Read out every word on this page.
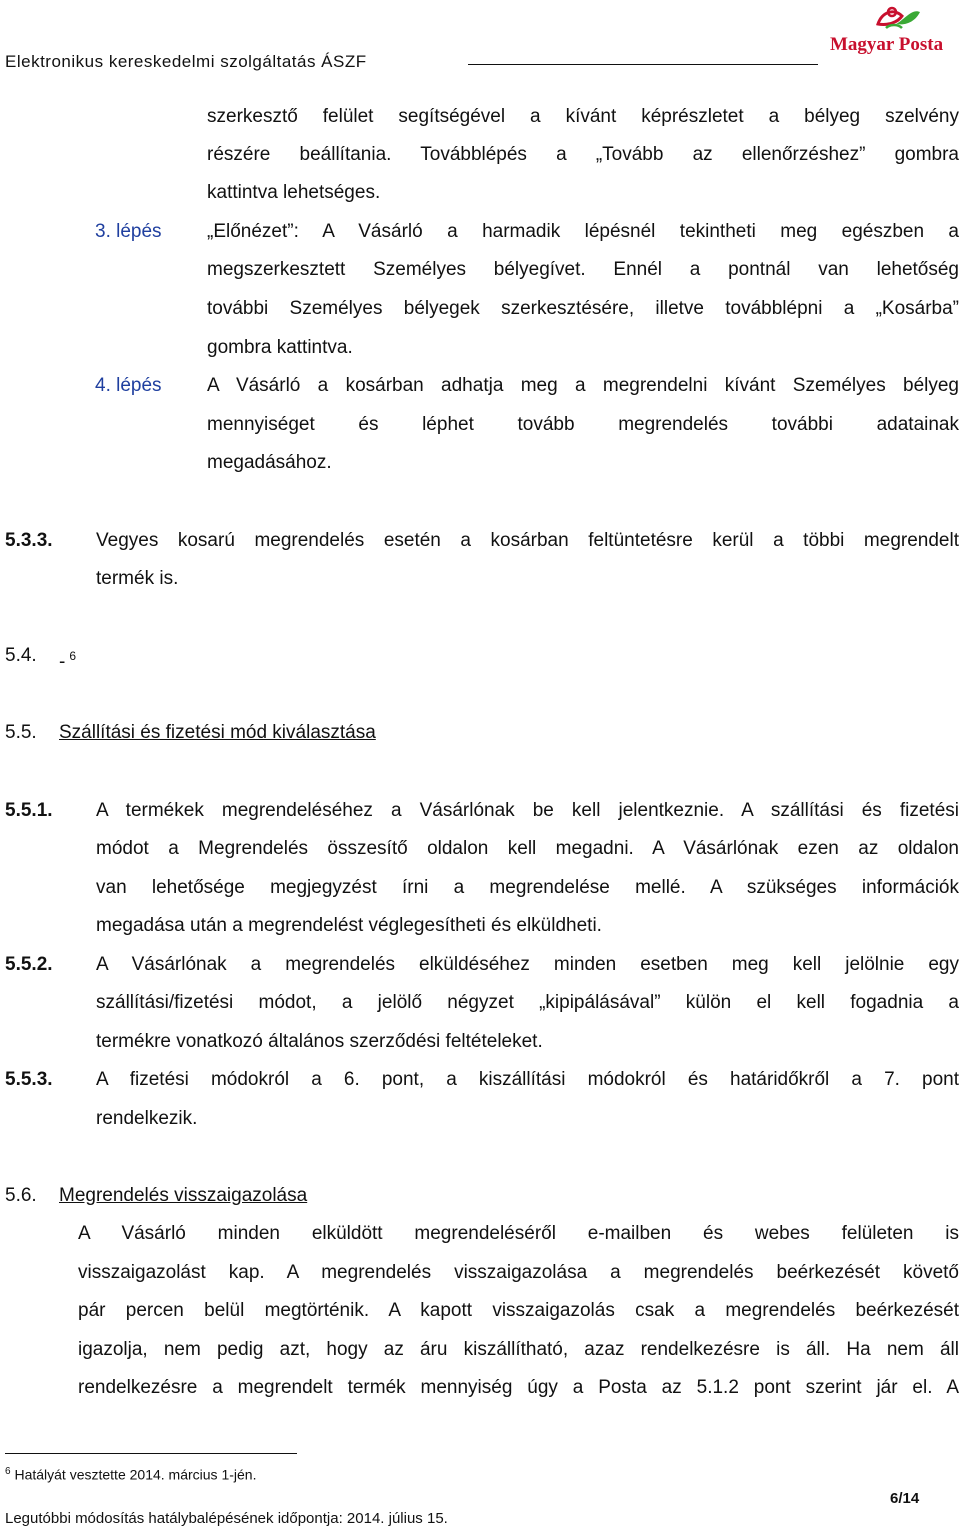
Elektronikus kereskedelmi szolgáltatás ÁSZF
Magyar Posta
szerkesztő felület segítségével a kívánt képrészletet a bélyeg szelvény
részére beállítania. Továbblépés a „Tovább az ellenőrzéshez” gombra
kattintva lehetséges.
3. lépés „Előnézet”: A Vásárló a harmadik lépésnél tekintheti meg egészben a
megszerkesztett Személyes bélyegívet. Ennél a pontnál van lehetőség
további Személyes bélyegek szerkesztésére, illetve továbblépni a „Kosárba”
gombra kattintva.
4. lépés A Vásárló a kosárban adhatja meg a megrendelni kívánt Személyes bélyeg
mennyiséget és léphet tovább megrendelés további adatainak
megadásához.
5.3.3. Vegyes kosarú megrendelés esetén a kosárban feltüntetésre kerül a többi megrendelt
termék is.
5.4. - $^6$
5.5. Szállítási és fizetési mód kiválasztása
5.5.1. A termékek megrendeléséhez a Vásárlónak be kell jelentkeznie. A szállítási és fizetési
módot a Megrendelés összesítő oldalon kell megadni. A Vásárlónak ezen az oldalon
van lehetősége megjegyzést írni a megrendelése mellé. A szükséges információk
megadása után a megrendelést véglegesítheti és elküldheti.
5.5.2. A Vásárlónak a megrendelés elküldéséhez minden esetben meg kell jelölnie egy
szállítási/fizetési módot, a jelölő négyzet „kipipálásával” külön el kell fogadnia a
termékre vonatkozó általános szerződési feltételeket.
5.5.3. A fizetési módokról a 6. pont, a kiszállítási módokról és határidőkről a 7. pont
rendelkezik.
5.6. Megrendelés visszaigazolása
A Vásárló minden elküldött megrendeléséről e-mailben és webes felületen is
visszaigazolást kap. A megrendelés visszaigazolása a megrendelés beérkezését követő
pár percen belül megtörténik. A kapott visszaigazolás csak a megrendelés beérkezését
igazolja, nem pedig azt, hogy az áru kiszállítható, azaz rendelkezésre is áll. Ha nem áll
rendelkezésre a megrendelt termék mennyiség úgy a Posta az 5.1.2 pont szerint jár el. A
$^6$ Hatályát vesztette 2014. március 1-jén.
Legutóbbi módosítás hatálybalépésének időpontja: 2014. július 15.
6/14
